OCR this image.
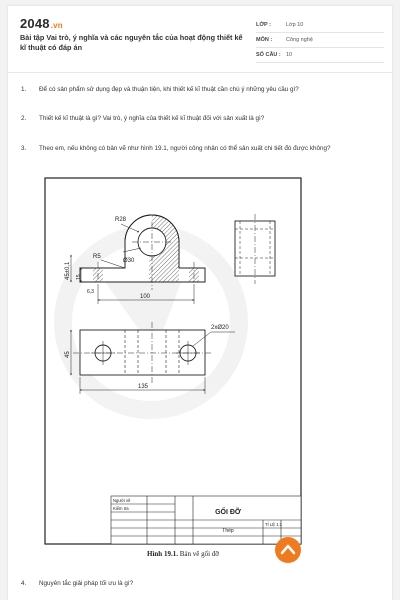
2048.vn
Bài tập Vai trò, ý nghĩa và các nguyên tắc của hoạt động thiết kế kĩ thuật có đáp án
LỚP :	Lớp 10
MÔN :	Công nghệ
SỐ CÂU : 10
1. Để có sản phẩm sử dụng đẹp và thuận tiện, khi thiết kế kĩ thuật cần chú ý những yêu cầu gì?
2. Thiết kế kĩ thuật là gì? Vai trò, ý nghĩa của thiết kế kĩ thuật đối với sản xuất là gì?
3. Theo em, nếu không có bản vẽ như hình 19.1, người công nhân có thể sản xuất chi tiết đó được không?
R28
R5
Ø30
45±0,1 15
6,3
100
2xØ20
45
135
Người vẽ
Kiểm tra
GỐI ĐỠ
Thép
TỈ LỆ 1:1
Hình 19.1. Bản vẽ gối đỡ
4. Nguyên tắc giải pháp tối ưu là gì?
